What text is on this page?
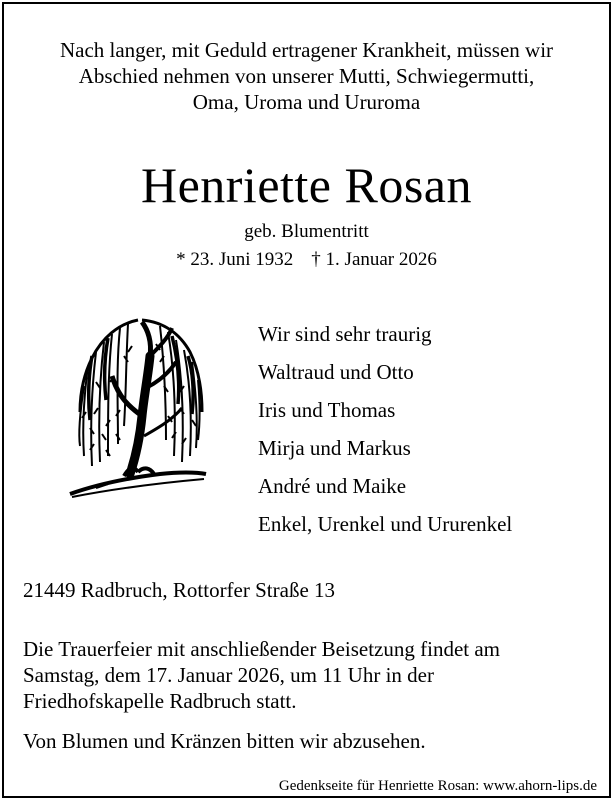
Nach langer, mit Geduld ertragener Krankheit, müssen wir
Abschied nehmen von unserer Mutti, Schwiegermutti,
Oma, Uroma und Ururoma
Henriette Rosan
geb. Blumentritt
* 23. Juni 1932 † 1. Januar 2026
Wir sind sehr traurig
Waltraud und Otto
Iris und Thomas
Mirja und Markus
André und Maike
Enkel, Urenkel und Ururenkel
21449 Radbruch, Rottorfer Straße 13
Die Trauerfeier mit anschließender Beisetzung findet am
Samstag, dem 17. Januar 2026, um 11 Uhr in der
Friedhofskapelle Radbruch statt.
Von Blumen und Kränzen bitten wir abzusehen.
Gedenkseite für Henriette Rosan: www.ahorn-lips.de
